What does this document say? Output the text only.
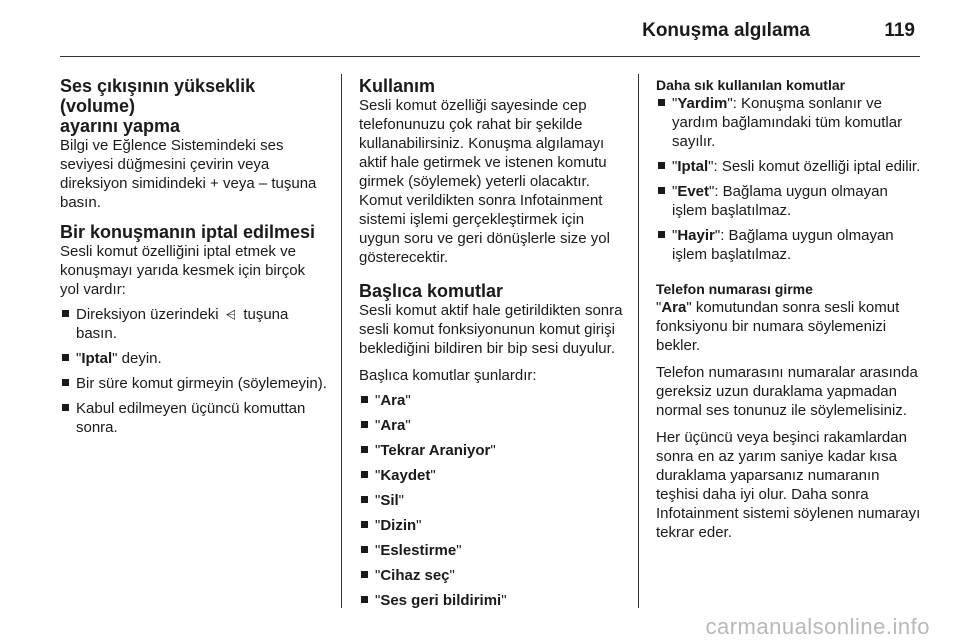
Konuşma algılama	119
Ses çıkışının yükseklik (volume)
ayarını yapma

Bilgi ve Eğlence Sistemindeki ses seviyesi düğmesini çevirin veya direksiyon simidindeki + veya – tuşuna basın.

Bir konuşmanın iptal edilmesi

Sesli komut özelliğini iptal etmek ve konuşmayı yarıda kesmek için birçok yol vardır:

Direksiyon üzerindeki ⩤ tuşuna basın.
"Iptal" deyin.
Bir süre komut girmeyin (söylemeyin).
Kabul edilmeyen üçüncü komuttan sonra.
Kullanım

Sesli komut özelliği sayesinde cep telefonunuzu çok rahat bir şekilde kullanabilirsiniz. Konuşma algılamayı aktif hale getirmek ve istenen komutu girmek (söylemek) yeterli olacaktır. Komut verildikten sonra Infotainment sistemi işlemi gerçekleştirmek için uygun soru ve geri dönüşlerle size yol gösterecektir.

Başlıca komutlar

Sesli komut aktif hale getirildikten sonra sesli komut fonksiyonunun komut girişi beklediğini bildiren bir bip sesi duyulur.

Başlıca komutlar şunlardır:

"Ara"
"Ara"
"Tekrar Araniyor"
"Kaydet"
"Sil"
"Dizin"
"Eslestirme"
"Cihaz seç"
"Ses geri bildirimi"
Daha sık kullanılan komutlar
"Yardim": Konuşma sonlanır ve yardım bağlamındaki tüm komutlar sayılır.
"Iptal": Sesli komut özelliği iptal edilir.
"Evet": Bağlama uygun olmayan işlem başlatılmaz.
"Hayir": Bağlama uygun olmayan işlem başlatılmaz.
Telefon numarası girme

"Ara" komutundan sonra sesli komut fonksiyonu bir numara söylemenizi bekler.

Telefon numarasını numaralar arasında gereksiz uzun duraklama yapmadan normal ses tonunuz ile söylemelisiniz.

Her üçüncü veya beşinci rakamlardan sonra en az yarım saniye kadar kısa duraklama yaparsanız numaranın teşhisi daha iyi olur. Daha sonra Infotainment sistemi söylenen numarayı tekrar eder.

carmanualsonline.info
